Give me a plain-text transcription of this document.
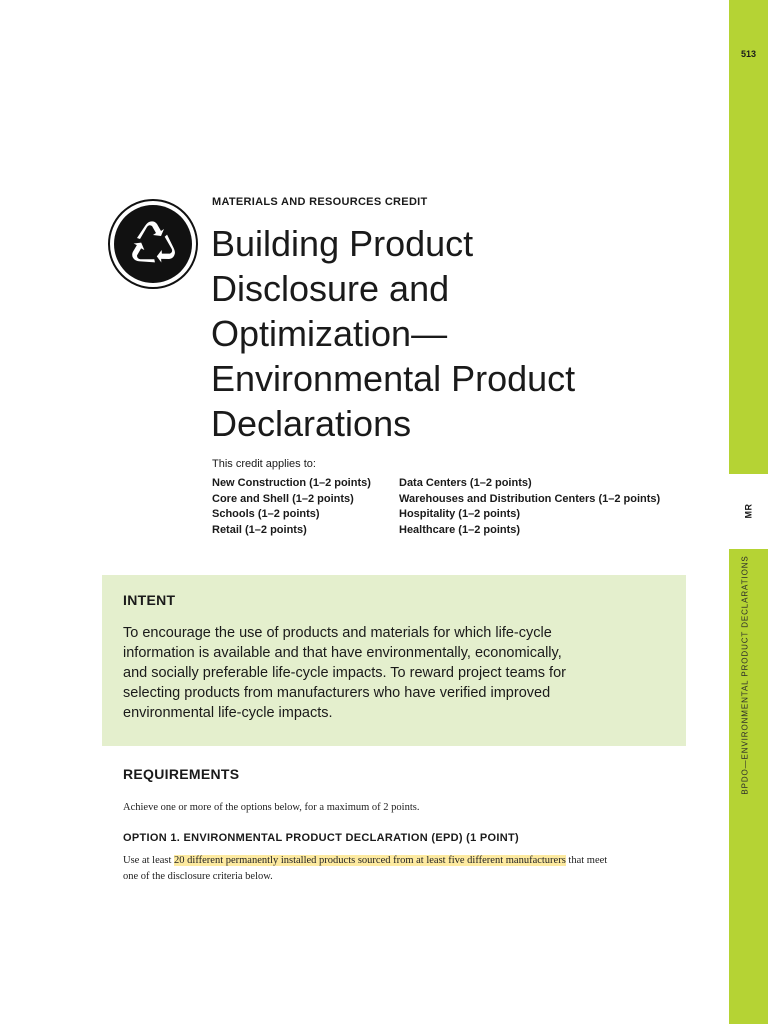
513
MR
BPDO—ENVIRONMENTAL PRODUCT DECLARATIONS
MATERIALS AND RESOURCES CREDIT
Building Product
Disclosure and
Optimization—
Environmental Product
Declarations
This credit applies to:
New Construction (1–2 points)
Core and Shell (1–2 points)
Schools (1–2 points)
Retail (1–2 points)
Data Centers (1–2 points)
Warehouses and Distribution Centers (1–2 points)
Hospitality (1–2 points)
Healthcare (1–2 points)
INTENT
To encourage the use of products and materials for which life-cycle
information is available and that have environmentally, economically,
and socially preferable life-cycle impacts. To reward project teams for
selecting products from manufacturers who have verified improved
environmental life-cycle impacts.
REQUIREMENTS
Achieve one or more of the options below, for a maximum of 2 points.
OPTION 1. ENVIRONMENTAL PRODUCT DECLARATION (EPD) (1 POINT)
Use at least 20 different permanently installed products sourced from at least five different manufacturers that meet
one of the disclosure criteria below.
